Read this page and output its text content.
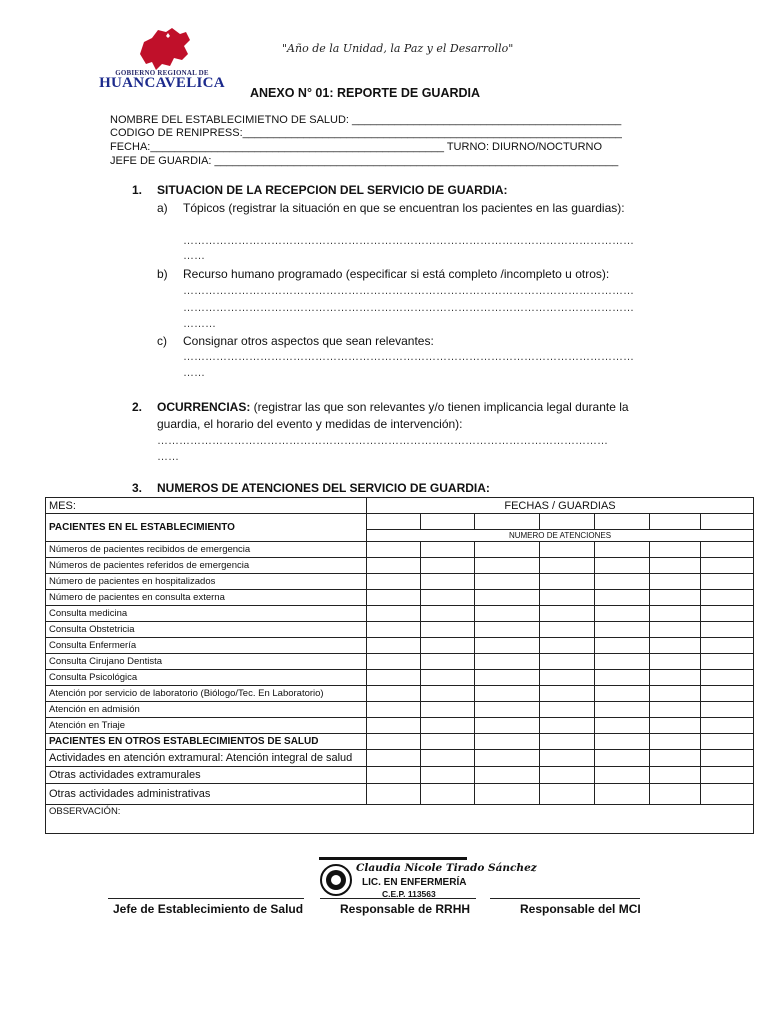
GOBIERNO REGIONAL DE
HUANCAVELICA
"Año de la Unidad, la Paz y el Desarrollo"
ANEXO N° 01: REPORTE DE GUARDIA
NOMBRE DEL ESTABLECIMIETNO DE SALUD: ____________________________________________
CODIGO DE RENIPRESS:______________________________________________________________
FECHA:________________________________________________ TURNO: DIURNO/NOCTURNO
JEFE DE GUARDIA: __________________________________________________________________
1. SITUACION DE LA RECEPCION DEL SERVICIO DE GUARDIA:
a) Tópicos (registrar la situación en que se encuentran los pacientes en las guardias):
……………………………………………………………………………………………………………
……
b) Recurso humano programado (especificar si está completo /incompleto u otros):
……………………………………………………………………………………………………………
……………………………………………………………………………………………………………
………
c) Consignar otros aspectos que sean relevantes:
……………………………………………………………………………………………………………
……
2. OCURRENCIAS: (registrar las que son relevantes y/o tienen implicancia legal durante la
guardia, el horario del evento y medidas de intervención):
……………………………………………………………………………………………………………
……
3. NUMEROS DE ATENCIONES DEL SERVICIO DE GUARDIA:
MES:	FECHAS / GUARDIAS						
PACIENTES EN EL ESTABLECIMIENTO							
	NUMERO DE ATENCIONES						
Números de pacientes recibidos de emergencia							
Números de pacientes referidos de emergencia							
Número de pacientes en hospitalizados							
Número de pacientes en consulta externa							
Consulta medicina							
Consulta Obstetricia							
Consulta Enfermería							
Consulta Cirujano Dentista							
Consulta Psicológica							
Atención por servicio de laboratorio (Biólogo/Tec. En Laboratorio)							
Atención en admisión							
Atención en Triaje							
PACIENTES EN OTROS ESTABLECIMIENTOS DE SALUD							
Actividades en atención extramural: Atención integral de salud							
Otras actividades extramurales							
Otras actividades administrativas							
OBSERVACIÓN:							
Claudia Nicole Tirado Sánchez
LIC. EN ENFERMERÍA
C.E.P. 113563
Jefe de Establecimiento de Salud	Responsable de RRHH	Responsable del MCI
